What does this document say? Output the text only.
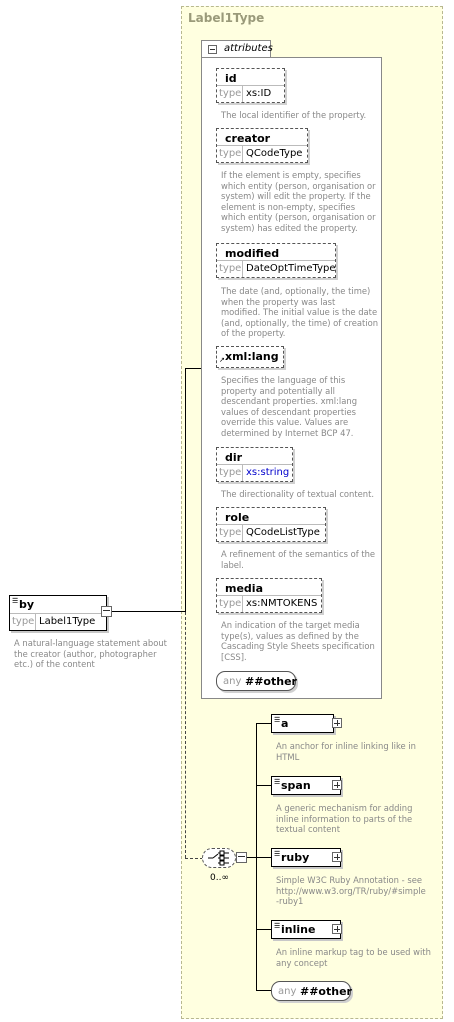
Label1Type
attributes
id
type xs:ID
The local identifier of the property.
creator
type QCodeType
If the element is empty, specifies
which entity (person, organisation or
system) will edit the property. If the
element is non-empty, specifies
which entity (person, organisation or
system) has edited the property.
modified
type DateOptTimeType
The date (and, optionally, the time)
when the property was last
modified. The initial value is the date
(and, optionally, the time) of creation
of the property.
↗ xml:lang
Specifies the language of this
property and potentially all
descendant properties. xml:lang
values of descendant properties
override this value. Values are
determined by Internet BCP 47.
dir
type xs:string
The directionality of textual content.
role
type QCodeListType
A refinement of the semantics of the
label.
media
type xs:NMTOKENS
An indication of the target media
type(s), values as defined by the
Cascading Style Sheets specification
[CSS].
any ##other
☰ by
type Label1Type
A natural-language statement about
the creator (author, photographer
etc.) of the content
0..∞
☰ a
An anchor for inline linking like in
HTML
☰ span
A generic mechanism for adding
inline information to parts of the
textual content
☰ ruby
Simple W3C Ruby Annotation - see
http://www.w3.org/TR/ruby/#simple
-ruby1
☰ inline
An inline markup tag to be used with
any concept
any ##other
